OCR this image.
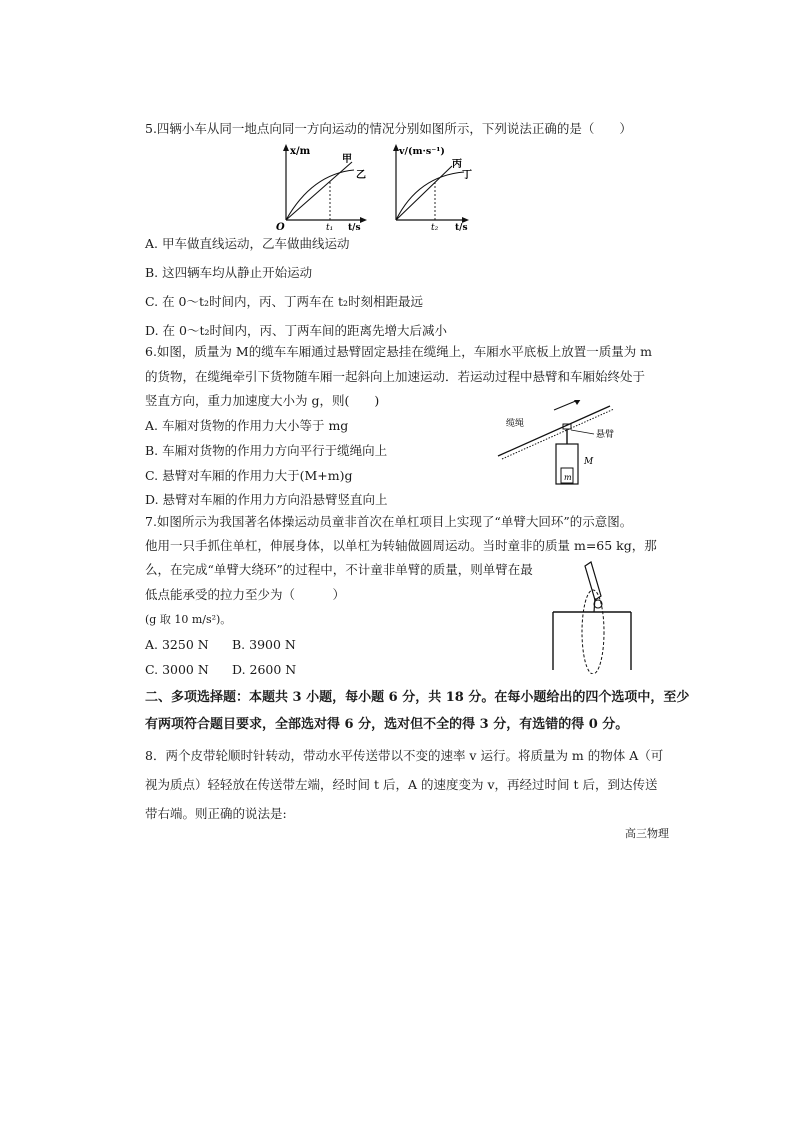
5.四辆小车从同一地点向同一方向运动的情况分别如图所示，下列说法正确的是（　　）
x/m
甲
乙
O	t₁ t/s
v/(m·s⁻¹)
丙
丁
t₂ t/s
A. 甲车做直线运动，乙车做曲线运动
B. 这四辆车均从静止开始运动
C. 在 0～t₂时间内，丙、丁两车在 t₂时刻相距最远
D. 在 0～t₂时间内，丙、丁两车间的距离先增大后减小
6.如图，质量为 M的缆车车厢通过悬臂固定悬挂在缆绳上，车厢水平底板上放置一质量为 m
的货物，在缆绳牵引下货物随车厢一起斜向上加速运动．若运动过程中悬臂和车厢始终处于
竖直方向，重力加速度大小为 g，则(　　)
A. 车厢对货物的作用力大小等于 mg
B. 车厢对货物的作用力方向平行于缆绳向上
C. 悬臂对车厢的作用力大于(M+m)g
D. 悬臂对车厢的作用力方向沿悬臂竖直向上
缆绳
悬臂
M
m
7.如图所示为我国著名体操运动员童非首次在单杠项目上实现了“单臂大回环”的示意图。
他用一只手抓住单杠，伸展身体，以单杠为转轴做圆周运动。当时童非的质量 m=65 kg，那
么，在完成“单臂大绕环”的过程中，不计童非单臂的质量，则单臂在最
低点能承受的拉力至少为（　　　）
(g 取 10 m/s²)。
A. 3250 N B. 3900 N
C. 3000 N D. 2600 N
二、多项选择题：本题共 3 小题，每小题 6 分，共 18 分。在每小题给出的四个选项中，至少
有两项符合题目要求，全部选对得 6 分，选对但不全的得 3 分，有选错的得 0 分。
8．两个皮带轮顺时针转动，带动水平传送带以不变的速率 v 运行。将质量为 m 的物体 A（可
视为质点）轻轻放在传送带左端，经时间 t 后，A 的速度变为 v，再经过时间 t 后，到达传送
带右端。则正确的说法是:
高三物理
